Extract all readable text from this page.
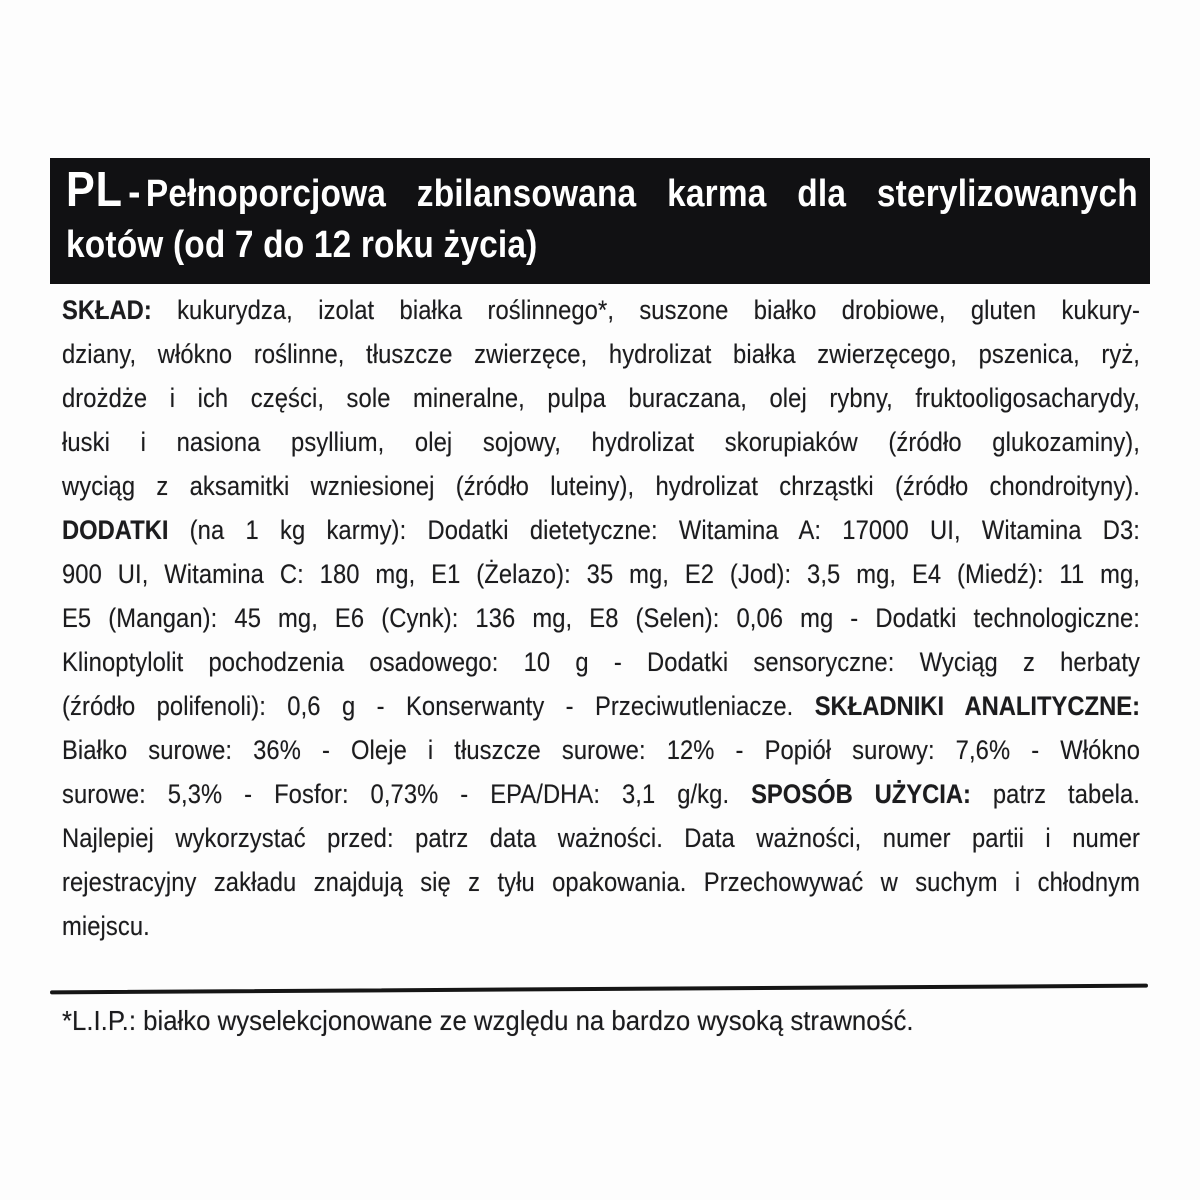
PL - Pełnoporcjowa zbilansowana karma dla sterylizowanych
kotów (od 7 do 12 roku życia)
SKŁAD: kukurydza, izolat białka roślinnego*, suszone białko drobiowe, gluten kukury-
dziany, włókno roślinne, tłuszcze zwierzęce, hydrolizat białka zwierzęcego, pszenica, ryż,
drożdże i ich części, sole mineralne, pulpa buraczana, olej rybny, fruktooligosacharydy,
łuski i nasiona psyllium, olej sojowy, hydrolizat skorupiaków (źródło glukozaminy),
wyciąg z aksamitki wzniesionej (źródło luteiny), hydrolizat chrząstki (źródło chondroityny).
DODATKI (na 1 kg karmy): Dodatki dietetyczne: Witamina A: 17000 UI, Witamina D3:
900 UI, Witamina C: 180 mg, E1 (Żelazo): 35 mg, E2 (Jod): 3,5 mg, E4 (Miedź): 11 mg,
E5 (Mangan): 45 mg, E6 (Cynk): 136 mg, E8 (Selen): 0,06 mg - Dodatki technologiczne:
Klinoptylolit pochodzenia osadowego: 10 g - Dodatki sensoryczne: Wyciąg z herbaty
(źródło polifenoli): 0,6 g - Konserwanty - Przeciwutleniacze. SKŁADNIKI ANALITYCZNE:
Białko surowe: 36% - Oleje i tłuszcze surowe: 12% - Popiół surowy: 7,6% - Włókno
surowe: 5,3% - Fosfor: 0,73% - EPA/DHA: 3,1 g/kg. SPOSÓB UŻYCIA: patrz tabela.
Najlepiej wykorzystać przed: patrz data ważności. Data ważności, numer partii i numer
rejestracyjny zakładu znajdują się z tyłu opakowania. Przechowywać w suchym i chłodnym
miejscu.
*L.I.P.: białko wyselekcjonowane ze względu na bardzo wysoką strawność.
